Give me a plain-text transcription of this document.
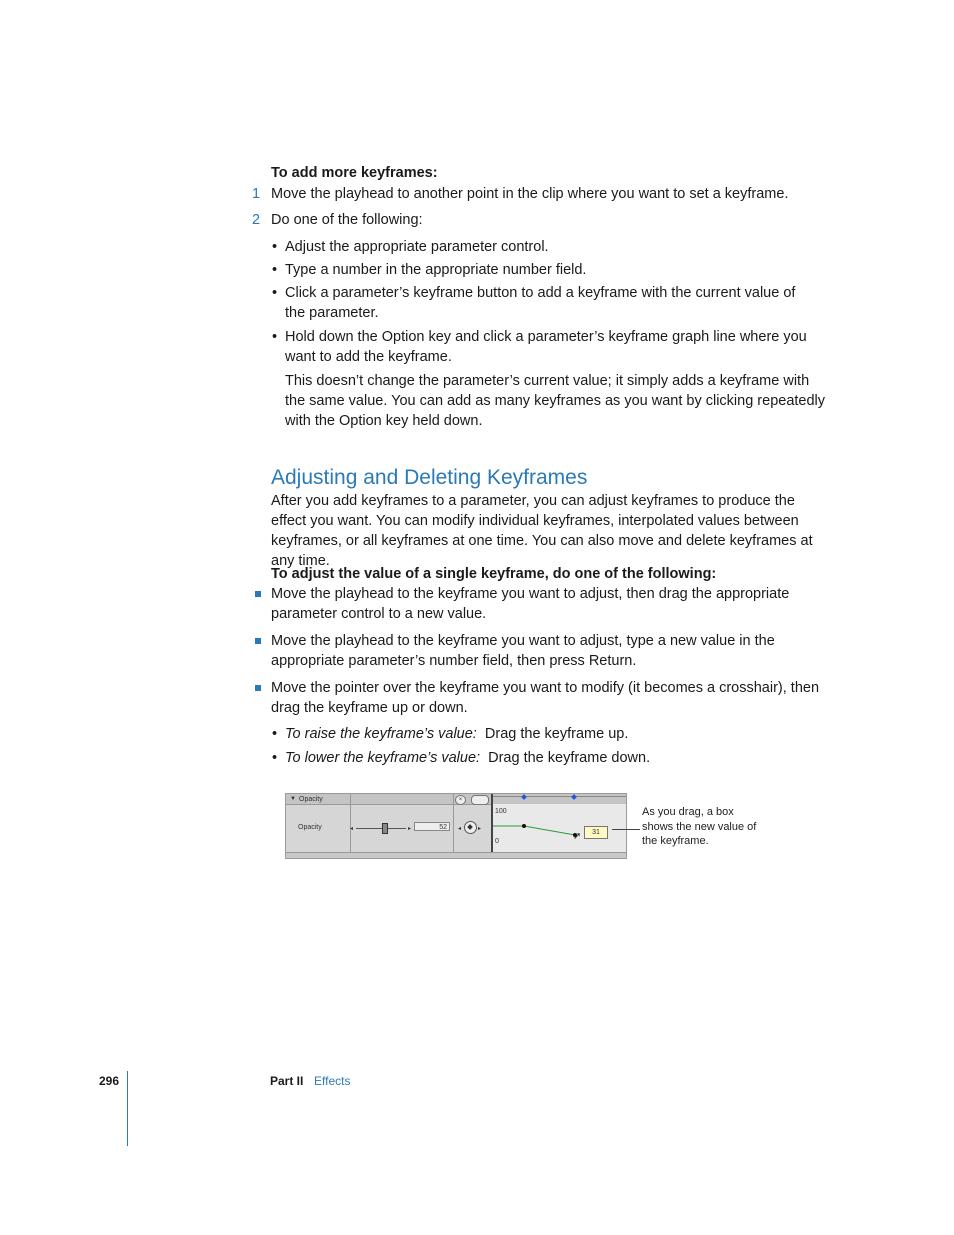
To add more keyframes:
1 Move the playhead to another point in the clip where you want to set a keyframe.
2 Do one of the following:
• Adjust the appropriate parameter control.
• Type a number in the appropriate number field.
• Click a parameter’s keyframe button to add a keyframe with the current value of the parameter.
• Hold down the Option key and click a parameter’s keyframe graph line where you want to add the keyframe.
This doesn’t change the parameter’s current value; it simply adds a keyframe with the same value. You can add as many keyframes as you want by clicking repeatedly with the Option key held down.
Adjusting and Deleting Keyframes
After you add keyframes to a parameter, you can adjust keyframes to produce the effect you want. You can modify individual keyframes, interpolated values between keyframes, or all keyframes at one time. You can also move and delete keyframes at any time.
To adjust the value of a single keyframe, do one of the following:
Move the playhead to the keyframe you want to adjust, then drag the appropriate parameter control to a new value.
Move the playhead to the keyframe you want to adjust, type a new value in the appropriate parameter’s number field, then press Return.
Move the pointer over the keyframe you want to modify (it becomes a crosshair), then drag the keyframe up or down.
• To raise the keyframe’s value: Drag the keyframe up.
• To lower the keyframe’s value: Drag the keyframe down.
▼ Opacity	×
Opacity	◂	▸	52	◂	▸
100
0
31
➚
As you drag, a box shows the new value of the keyframe.
296	Part II Effects
